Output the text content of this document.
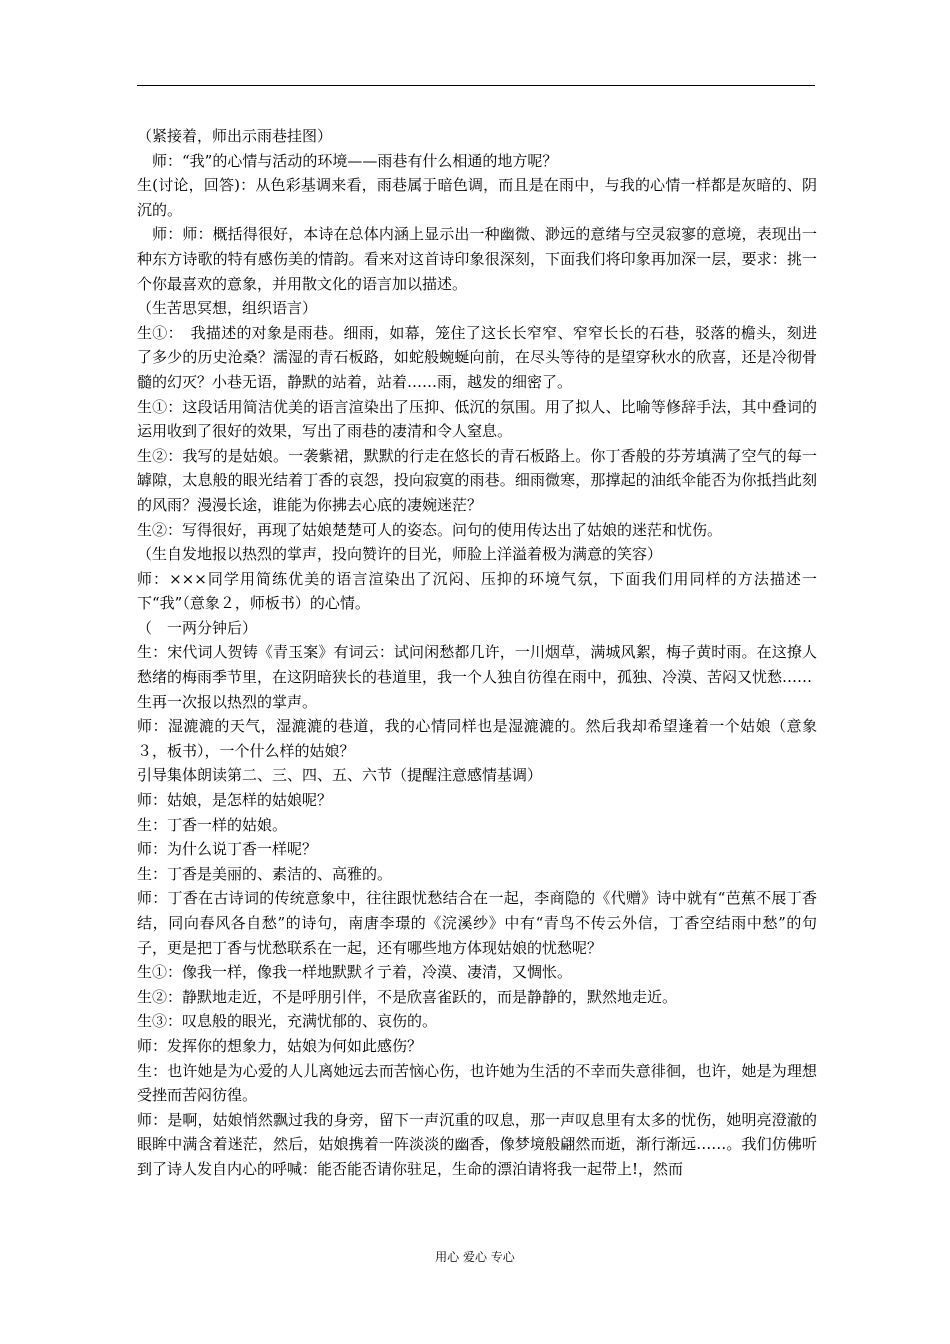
（紧接着，师出示雨巷挂图）

　师：“我”的心情与活动的环境——雨巷有什么相通的地方呢？

生(讨论，回答)：从色彩基调来看，雨巷属于暗色调，而且是在雨中，与我的心情一样都是灰暗的、阴沉的。

　师：师：概括得很好，本诗在总体内涵上显示出一种幽微、渺远的意绪与空灵寂寥的意境，表现出一种东方诗歌的特有感伤美的情韵。看来对这首诗印象很深刻，下面我们将印象再加深一层，要求：挑一个你最喜欢的意象，并用散文化的语言加以描述。

（生苦思冥想，组织语言）

生①：　我描述的对象是雨巷。细雨，如幕，笼住了这长长窄窄、窄窄长长的石巷，驳落的檐头，刻进了多少的历史沧桑？濡湿的青石板路，如蛇般蜿蜒向前，在尽头等待的是望穿秋水的欣喜，还是冷彻骨髓的幻灭？小巷无语，静默的站着，站着……雨，越发的细密了。

生①：这段话用简洁优美的语言渲染出了压抑、低沉的氛围。用了拟人、比喻等修辞手法，其中叠词的运用收到了很好的效果，写出了雨巷的凄清和令人窒息。

生②：我写的是姑娘。一袭紫裙，默默的行走在悠长的青石板路上。你丁香般的芬芳填满了空气的每一罅隙，太息般的眼光结着丁香的哀怨，投向寂寞的雨巷。细雨微寒，那撑起的油纸伞能否为你抵挡此刻的风雨？漫漫长途，谁能为你拂去心底的凄婉迷茫？

生②：写得很好，再现了姑娘楚楚可人的姿态。问句的使用传达出了姑娘的迷茫和忧伤。

（生自发地报以热烈的掌声，投向赞许的目光，师脸上洋溢着极为满意的笑容）

师：×××同学用简练优美的语言渲染出了沉闷、压抑的环境气氛，下面我们用同样的方法描述一下“我”（意象２，师板书）的心情。

（　一两分钟后）

生：宋代词人贺铸《青玉案》有词云：试问闲愁都几许，一川烟草，满城风絮，梅子黄时雨。在这撩人愁绪的梅雨季节里，在这阴暗狭长的巷道里，我一个人独自彷徨在雨中，孤独、冷漠、苦闷又忧愁……

生再一次报以热烈的掌声。

师：湿漉漉的天气，湿漉漉的巷道，我的心情同样也是湿漉漉的。然后我却希望逢着一个姑娘（意象３，板书），一个什么样的姑娘？

引导集体朗读第二、三、四、五、六节（提醒注意感情基调）

师：姑娘，是怎样的姑娘呢？

生：丁香一样的姑娘。

师：为什么说丁香一样呢？

生：丁香是美丽的、素洁的、高雅的。

师：丁香在古诗词的传统意象中，往往跟忧愁结合在一起，李商隐的《代赠》诗中就有“芭蕉不展丁香结，同向春风各自愁”的诗句，南唐李璟的《浣溪纱》中有“青鸟不传云外信，丁香空结雨中愁”的句子，更是把丁香与忧愁联系在一起，还有哪些地方体现姑娘的忧愁呢？

生①：像我一样，像我一样地默默彳亍着，冷漠、凄清，又惆怅。

生②：静默地走近，不是呼朋引伴，不是欣喜雀跃的，而是静静的，默然地走近。

生③：叹息般的眼光，充满忧郁的、哀伤的。

师：发挥你的想象力，姑娘为何如此感伤？

生：也许她是为心爱的人儿离她远去而苦恼心伤，也许她为生活的不幸而失意徘徊，也许，她是为理想受挫而苦闷彷徨。

师：是啊，姑娘悄然飘过我的身旁，留下一声沉重的叹息，那一声叹息里有太多的忧伤，她明亮澄澈的眼眸中满含着迷茫，然后，姑娘携着一阵淡淡的幽香，像梦境般翩然而逝，渐行渐远……。我们仿佛听到了诗人发自内心的呼喊：能否能否请你驻足，生命的漂泊请将我一起带上!，然而

用心 爱心 专心
